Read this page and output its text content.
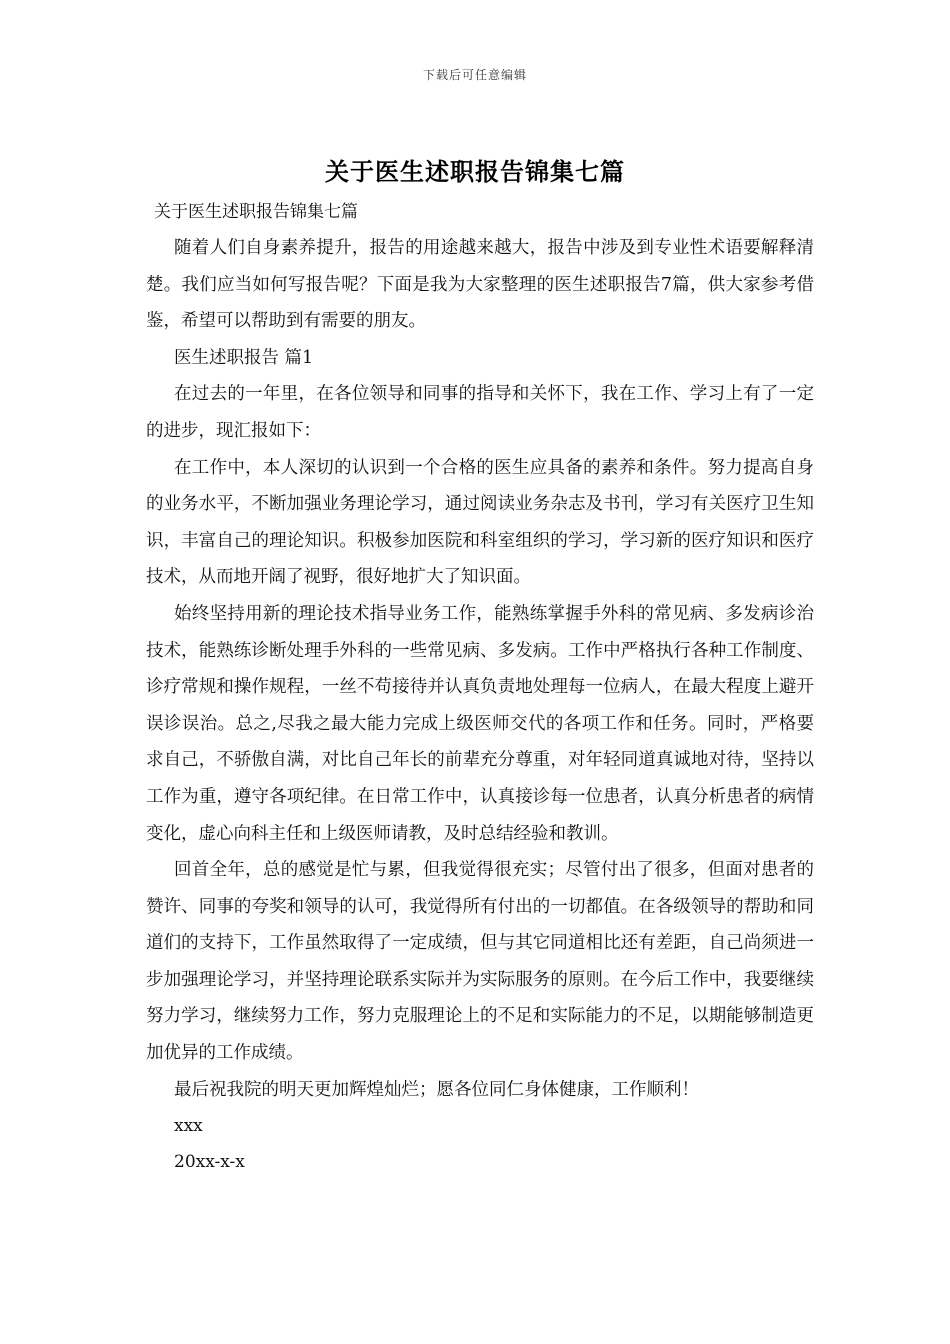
下载后可任意编辑
关于医生述职报告锦集七篇

关于医生述职报告锦集七篇

随着人们自身素养提升，报告的用途越来越大，报告中涉及到专业性术语要解释清楚。我们应当如何写报告呢？下面是我为大家整理的医生述职报告7篇，供大家参考借鉴，希望可以帮助到有需要的朋友。

医生述职报告 篇1

在过去的一年里，在各位领导和同事的指导和关怀下，我在工作、学习上有了一定的进步，现汇报如下：

在工作中，本人深切的认识到一个合格的医生应具备的素养和条件。努力提高自身的业务水平，不断加强业务理论学习，通过阅读业务杂志及书刊，学习有关医疗卫生知识，丰富自己的理论知识。积极参加医院和科室组织的学习，学习新的医疗知识和医疗技术，从而地开阔了视野，很好地扩大了知识面。

始终坚持用新的理论技术指导业务工作，能熟练掌握手外科的常见病、多发病诊治技术，能熟练诊断处理手外科的一些常见病、多发病。工作中严格执行各种工作制度、诊疗常规和操作规程，一丝不苟接待并认真负责地处理每一位病人，在最大程度上避开误诊误治。总之,尽我之最大能力完成上级医师交代的各项工作和任务。同时，严格要求自己，不骄傲自满，对比自己年长的前辈充分尊重，对年轻同道真诚地对待，坚持以工作为重，遵守各项纪律。在日常工作中，认真接诊每一位患者，认真分析患者的病情变化，虚心向科主任和上级医师请教，及时总结经验和教训。

回首全年，总的感觉是忙与累，但我觉得很充实；尽管付出了很多，但面对患者的赞许、同事的夸奖和领导的认可，我觉得所有付出的一切都值。在各级领导的帮助和同道们的支持下，工作虽然取得了一定成绩，但与其它同道相比还有差距，自己尚须进一步加强理论学习，并坚持理论联系实际并为实际服务的原则。在今后工作中，我要继续努力学习，继续努力工作，努力克服理论上的不足和实际能力的不足，以期能够制造更加优异的工作成绩。

最后祝我院的明天更加辉煌灿烂；愿各位同仁身体健康，工作顺利！

xxx

20xx-x-x
